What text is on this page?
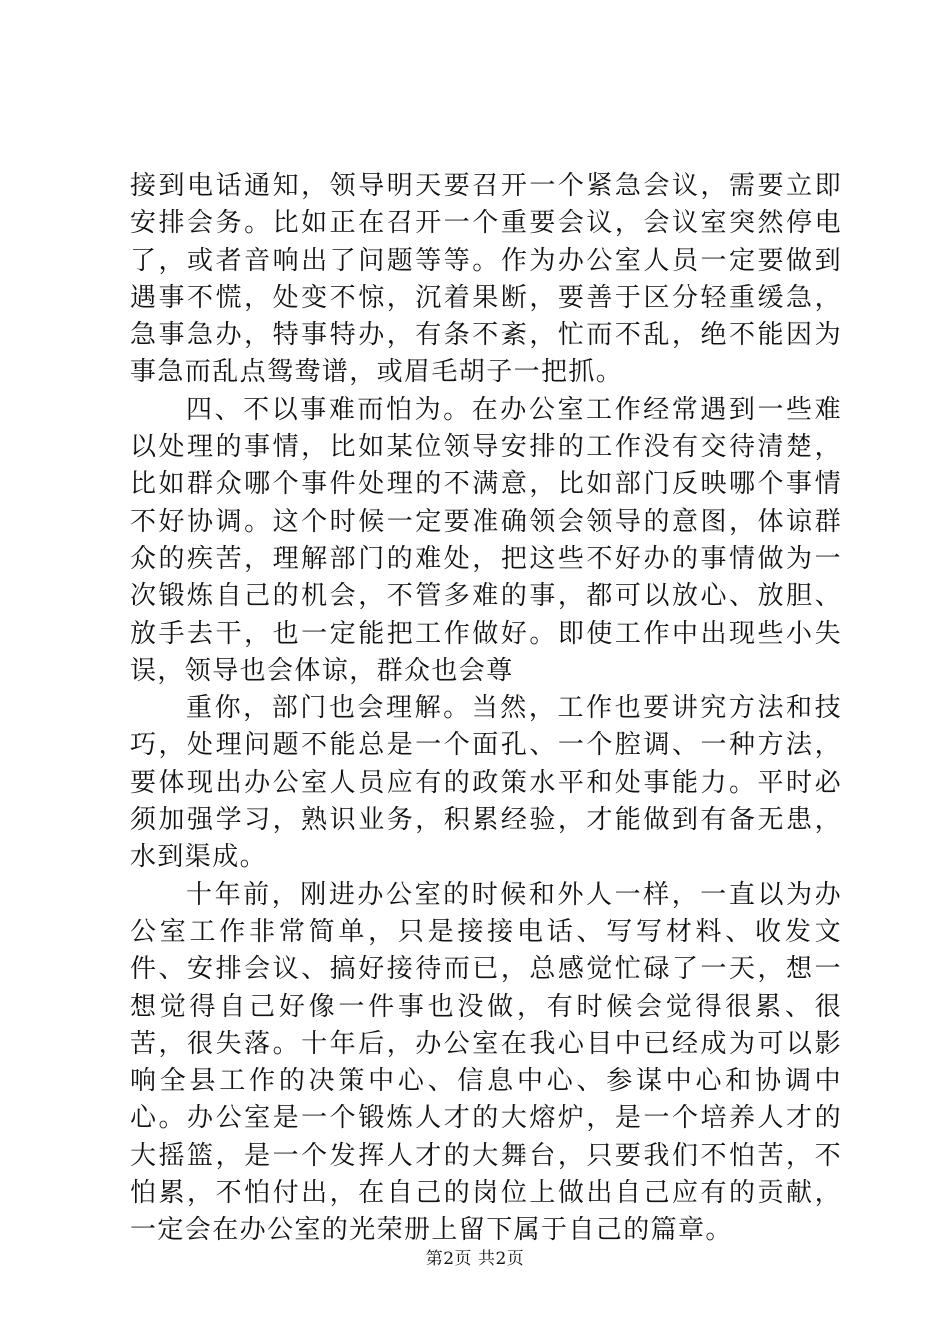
接到电话通知，领导明天要召开一个紧急会议，需要立即安排会务。比如正在召开一个重要会议，会议室突然停电了，或者音响出了问题等等。作为办公室人员一定要做到遇事不慌，处变不惊，沉着果断，要善于区分轻重缓急，急事急办，特事特办，有条不紊，忙而不乱，绝不能因为事急而乱点鸳鸯谱，或眉毛胡子一把抓。

四、不以事难而怕为。在办公室工作经常遇到一些难以处理的事情，比如某位领导安排的工作没有交待清楚，比如群众哪个事件处理的不满意，比如部门反映哪个事情不好协调。这个时候一定要准确领会领导的意图，体谅群众的疾苦，理解部门的难处，把这些不好办的事情做为一次锻炼自己的机会，不管多难的事，都可以放心、放胆、放手去干，也一定能把工作做好。即使工作中出现些小失误，领导也会体谅，群众也会尊

重你，部门也会理解。当然，工作也要讲究方法和技巧，处理问题不能总是一个面孔、一个腔调、一种方法，要体现出办公室人员应有的政策水平和处事能力。平时必须加强学习，熟识业务，积累经验，才能做到有备无患，水到渠成。

十年前，刚进办公室的时候和外人一样，一直以为办公室工作非常简单，只是接接电话、写写材料、收发文件、安排会议、搞好接待而已，总感觉忙碌了一天，想一想觉得自己好像一件事也没做，有时候会觉得很累、很苦，很失落。十年后，办公室在我心目中已经成为可以影响全县工作的决策中心、信息中心、参谋中心和协调中心。办公室是一个锻炼人才的大熔炉，是一个培养人才的大摇篮，是一个发挥人才的大舞台，只要我们不怕苦，不怕累，不怕付出，在自己的岗位上做出自己应有的贡献，一定会在办公室的光荣册上留下属于自己的篇章。

第2页 共2页
